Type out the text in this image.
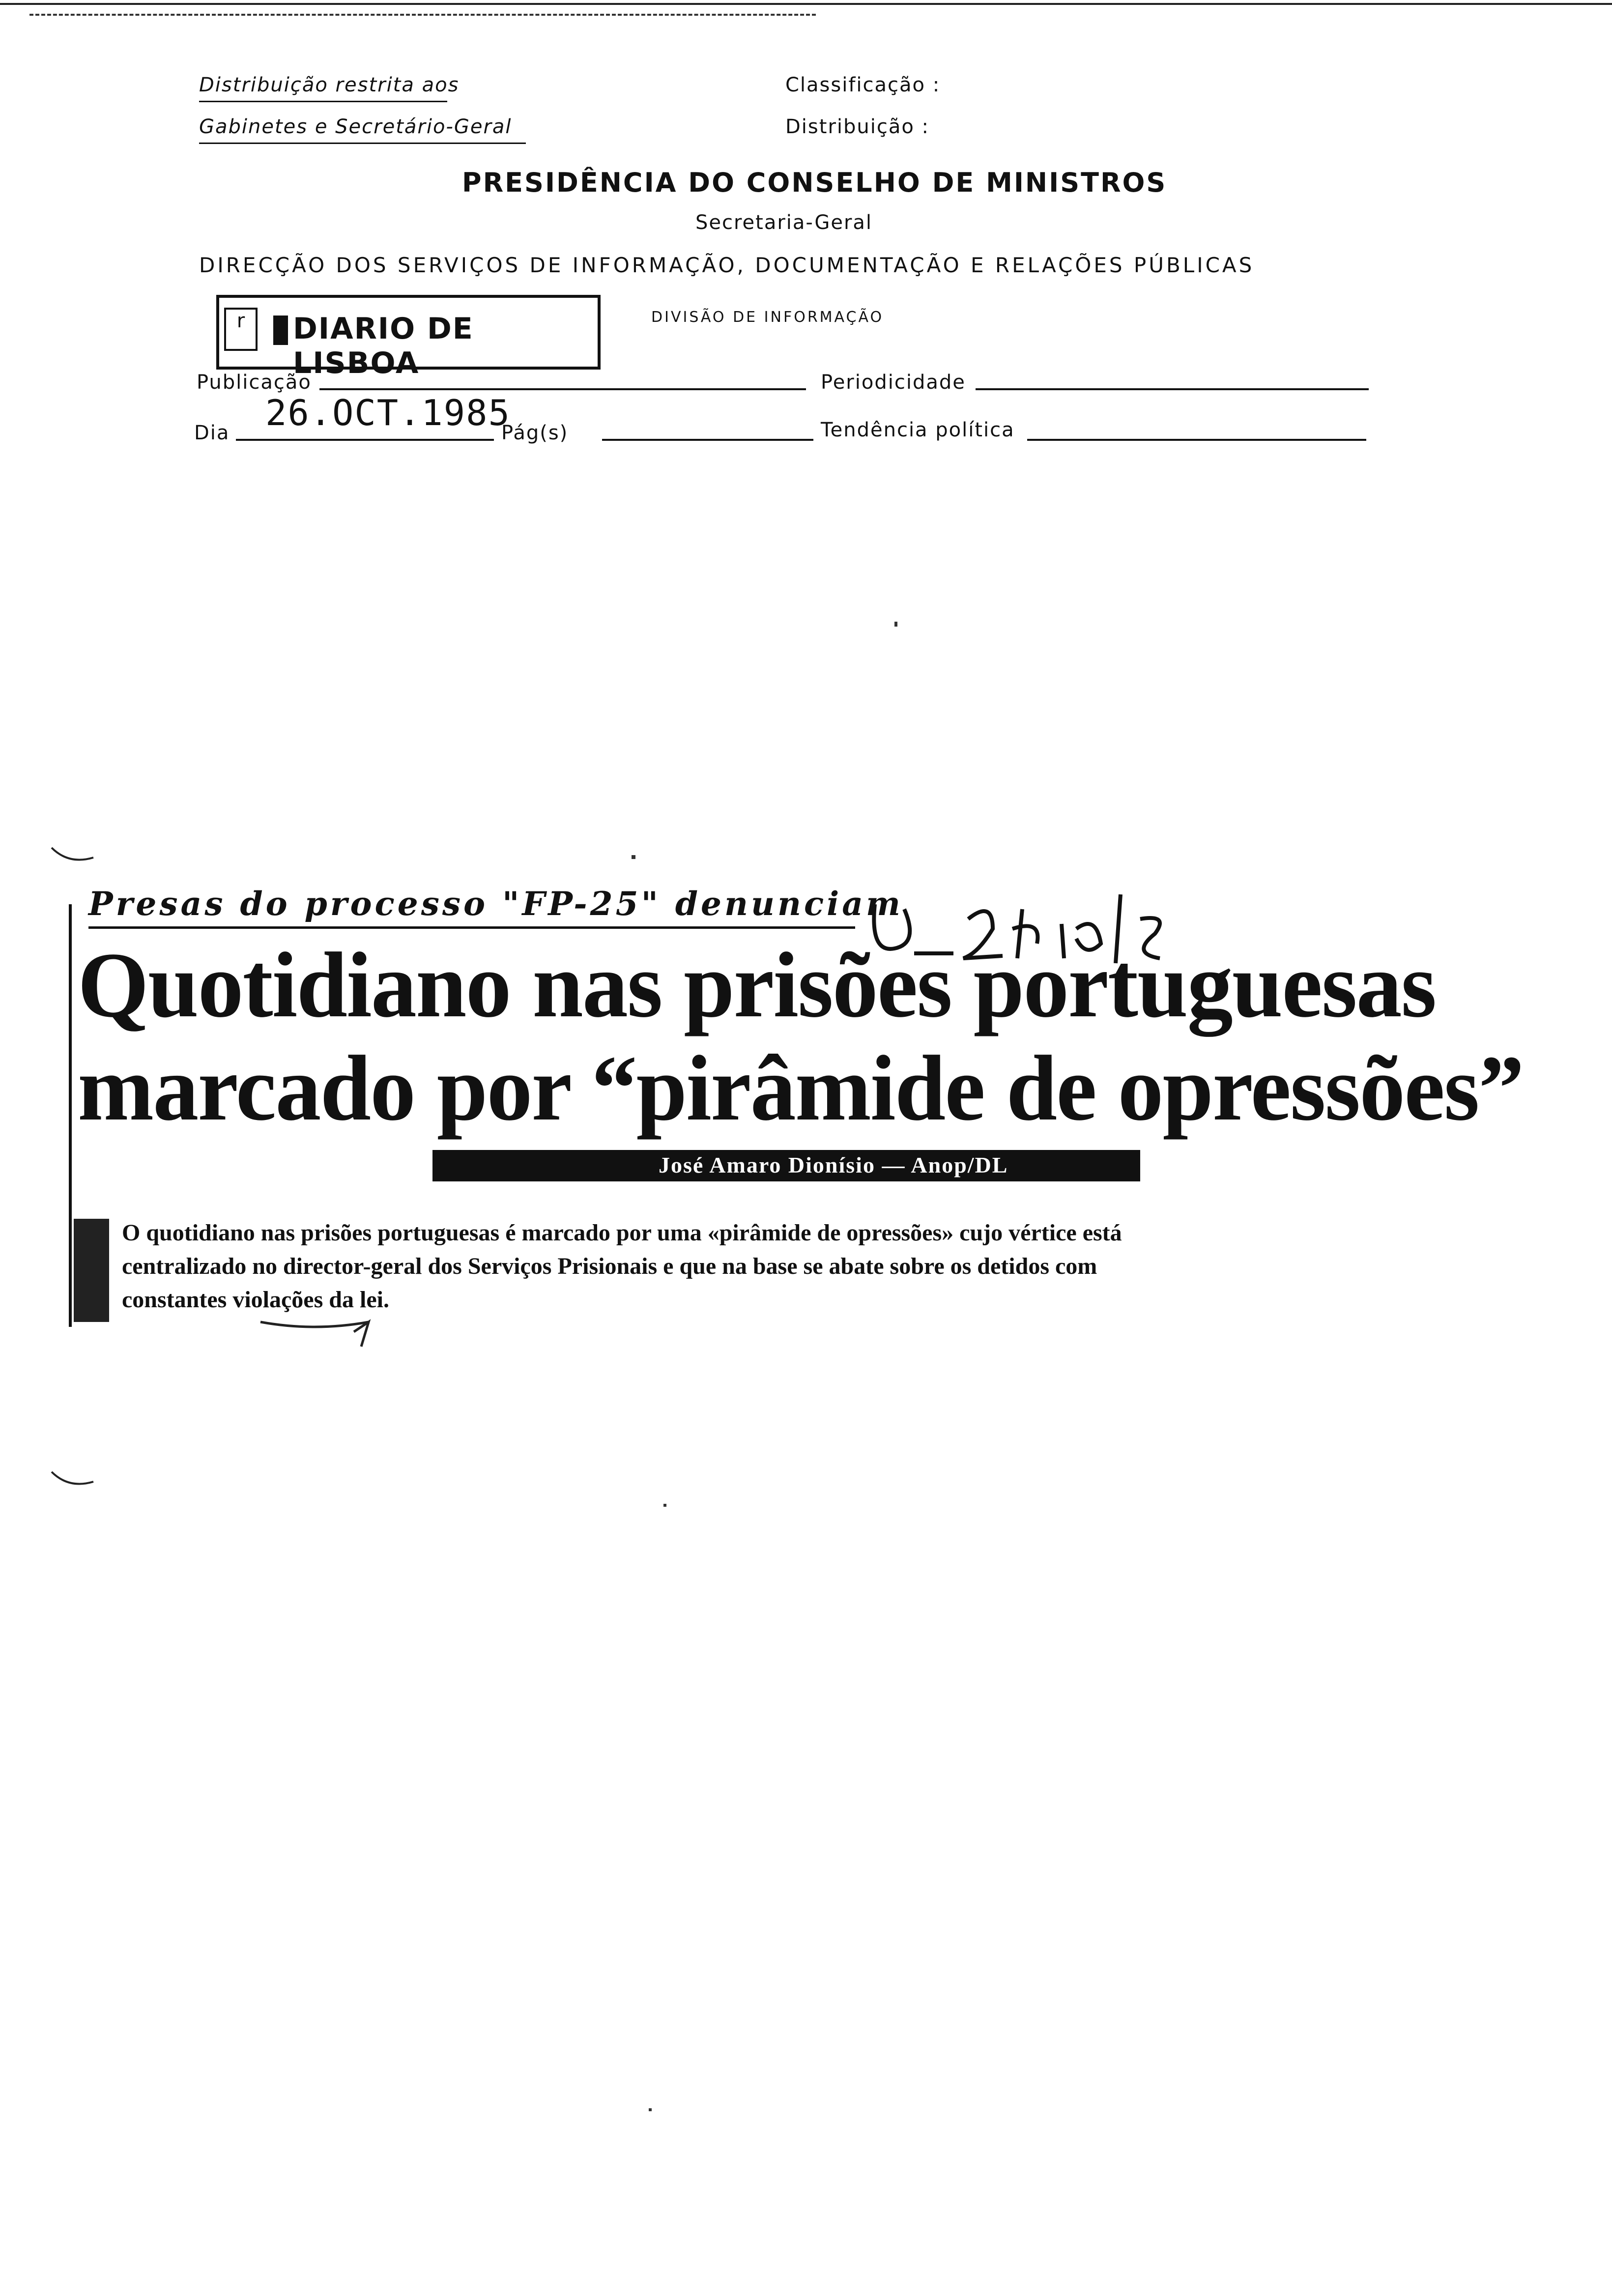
Distribuição restrita aos
Gabinetes e Secretário-Geral
Classificação :
Distribuição :
PRESIDÊNCIA DO CONSELHO DE MINISTROS
Secretaria-Geral
DIRECÇÃO DOS SERVIÇOS DE INFORMAÇÃO, DOCUMENTAÇÃO E RELAÇÕES PÚBLICAS
DIVISÃO DE INFORMAÇÃO
r	DIARIO DE LISBOA
Publicação	Periodicidade
Dia 26.OCT.1985
Pág(s)	Tendência política
Presas do processo "FP-25" denunciam
Quotidiano nas prisões portuguesas
marcado por “pirâmide de opressões”
José Amaro Dionísio — Anop/DL
O quotidiano nas prisões portuguesas é marcado por uma «pirâmide de opressões» cujo vértice está centralizado no director-geral dos Serviços Prisionais e que na base se abate sobre os detidos com constantes violações da lei.
